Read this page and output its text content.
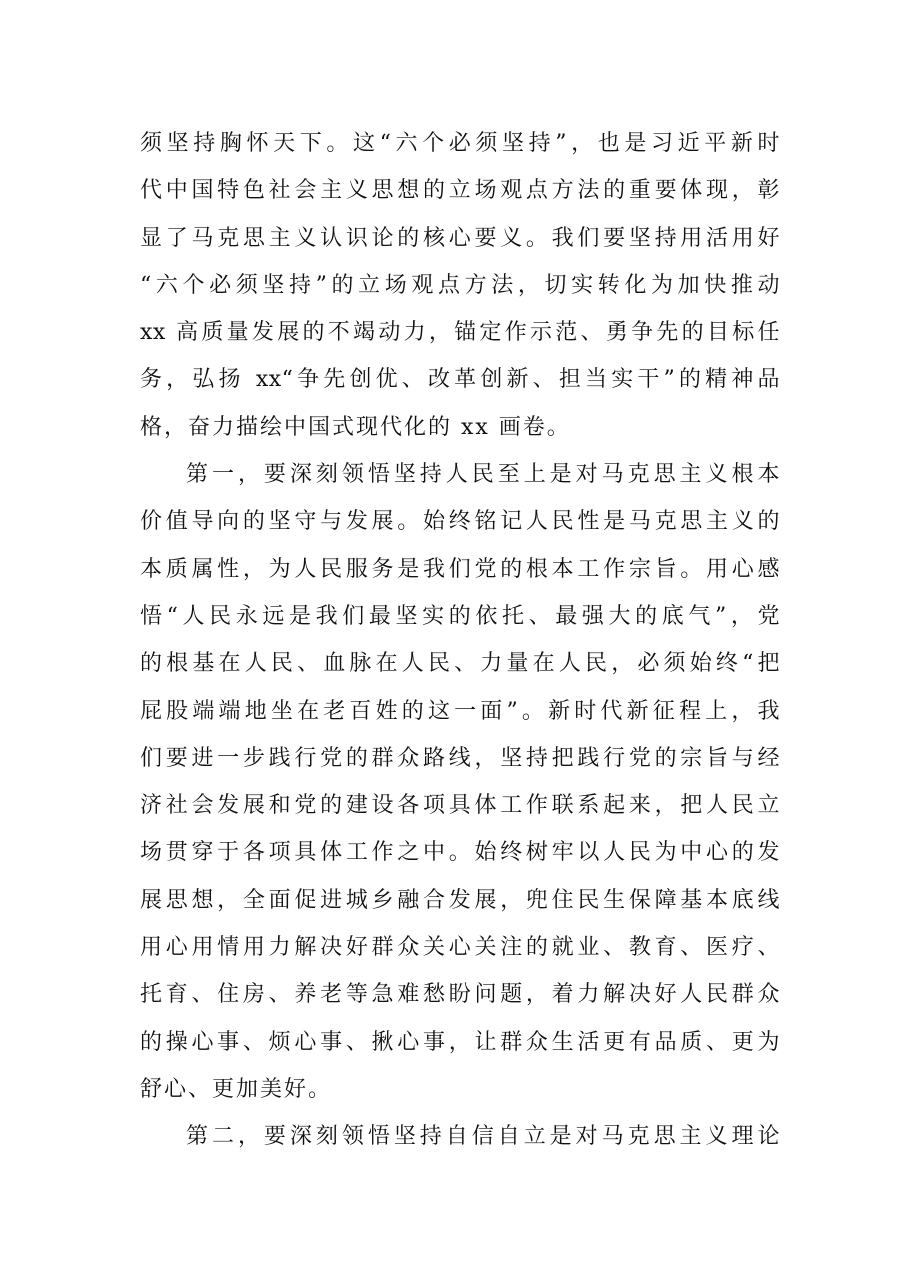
须坚持胸怀天下。这“六个必须坚持”，也是习近平新时
代中国特色社会主义思想的立场观点方法的重要体现，彰
显了马克思主义认识论的核心要义。我们要坚持用活用好
“六个必须坚持”的立场观点方法，切实转化为加快推动
xx 高质量发展的不竭动力，锚定作示范、勇争先的目标任
务，弘扬 xx“争先创优、改革创新、担当实干”的精神品
格，奋力描绘中国式现代化的 xx 画卷。
第一，要深刻领悟坚持人民至上是对马克思主义根本
价值导向的坚守与发展。始终铭记人民性是马克思主义的
本质属性，为人民服务是我们党的根本工作宗旨。用心感
悟“人民永远是我们最坚实的依托、最强大的底气”，党
的根基在人民、血脉在人民、力量在人民，必须始终“把
屁股端端地坐在老百姓的这一面”。新时代新征程上，我
们要进一步践行党的群众路线，坚持把践行党的宗旨与经
济社会发展和党的建设各项具体工作联系起来，把人民立
场贯穿于各项具体工作之中。始终树牢以人民为中心的发
展思想，全面促进城乡融合发展，兜住民生保障基本底线
用心用情用力解决好群众关心关注的就业、教育、医疗、
托育、住房、养老等急难愁盼问题，着力解决好人民群众
的操心事、烦心事、揪心事，让群众生活更有品质、更为
舒心、更加美好。
第二，要深刻领悟坚持自信自立是对马克思主义理论
